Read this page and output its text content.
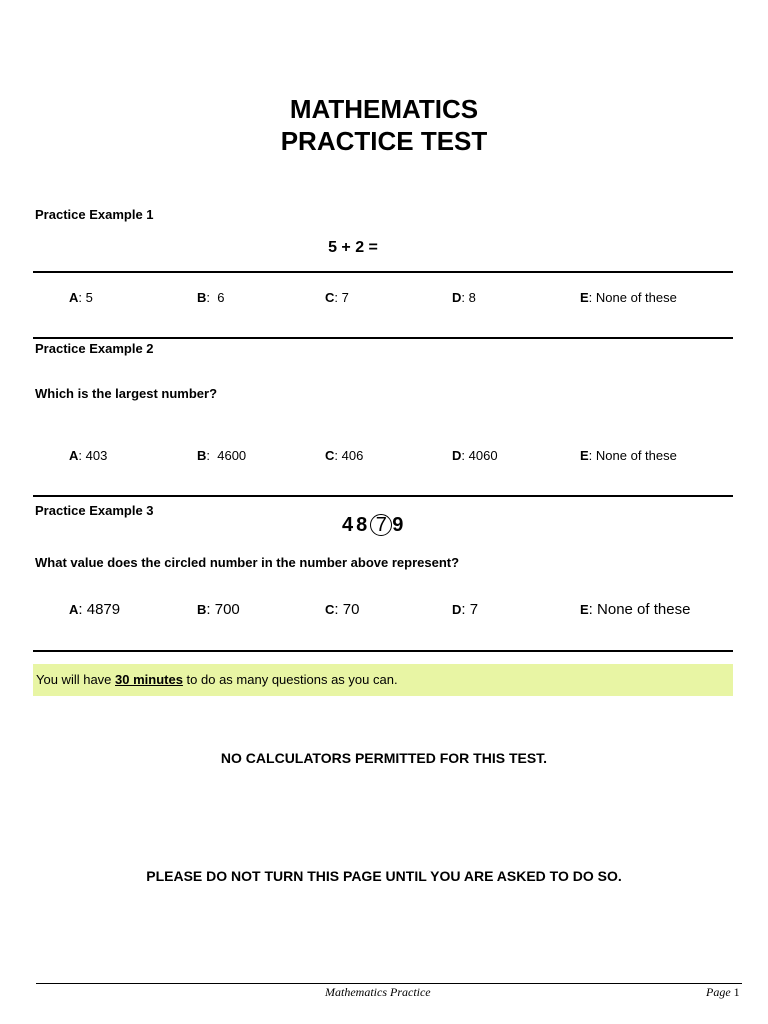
MATHEMATICS
PRACTICE TEST
Practice Example 1
5 + 2 =
A: 5	B:  6	C: 7	D: 8	E: None of these
Practice Example 2
Which is the largest number?
A: 403	B:  4600	C: 406	D: 4060	E: None of these
Practice Example 3
48 7 9
What value does the circled number in the number above represent?
A: 4879	B: 700	C: 70	D: 7	E: None of these
You will have 30 minutes to do as many questions as you can.
NO CALCULATORS PERMITTED FOR THIS TEST.
PLEASE DO NOT TURN THIS PAGE UNTIL YOU ARE ASKED TO DO SO.
Mathematics Practice	Page 1
